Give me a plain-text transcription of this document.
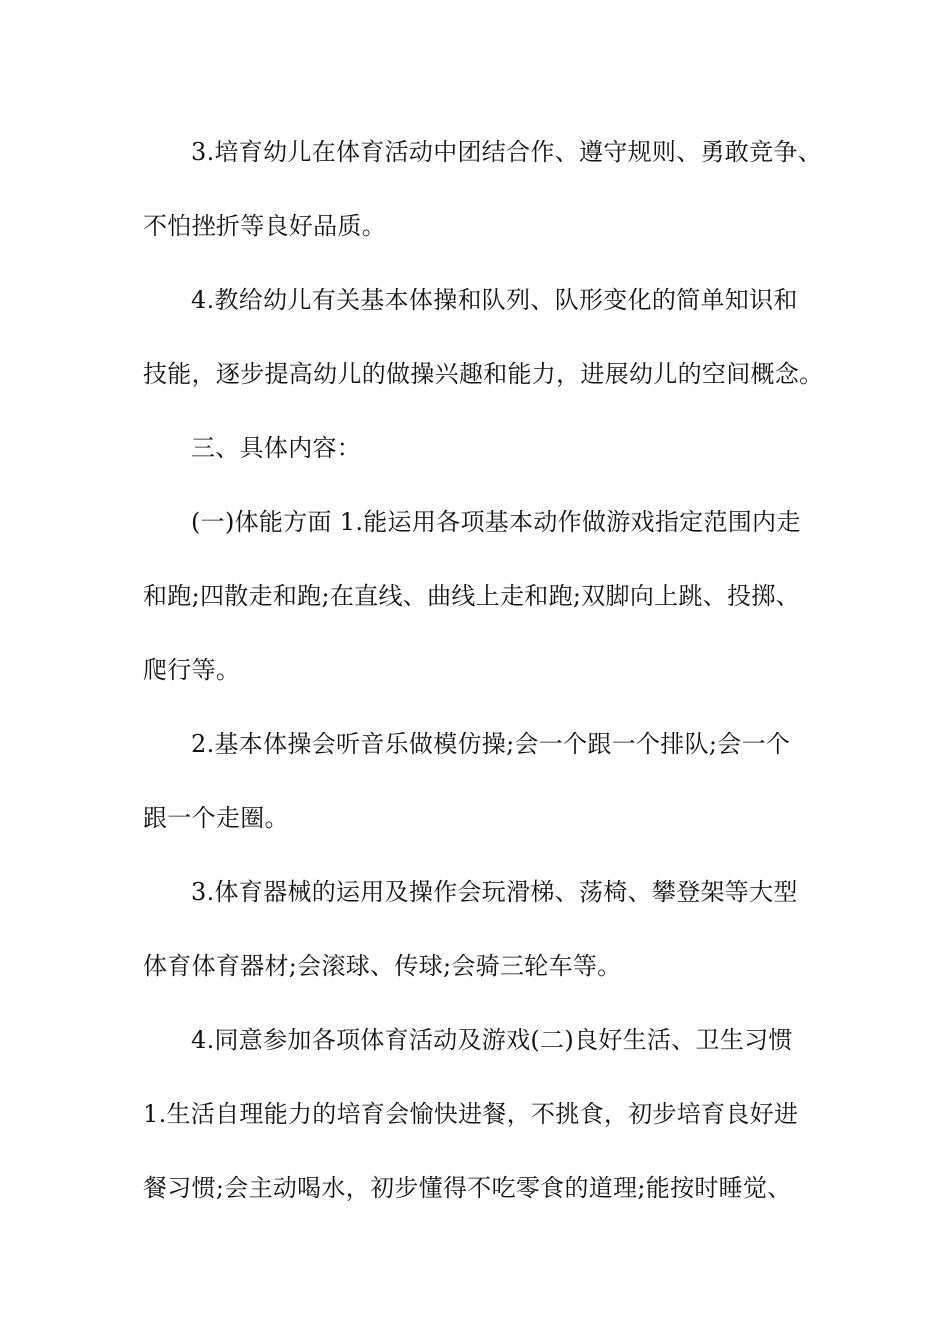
3.培育幼儿在体育活动中团结合作、遵守规则、勇敢竞争、
不怕挫折等良好品质。
4.教给幼儿有关基本体操和队列、队形变化的简单知识和
技能，逐步提高幼儿的做操兴趣和能力，进展幼儿的空间概念。
三、具体内容：
(一)体能方面 1.能运用各项基本动作做游戏指定范围内走
和跑;四散走和跑;在直线、曲线上走和跑;双脚向上跳、投掷、
爬行等。
2.基本体操会听音乐做模仿操;会一个跟一个排队;会一个
跟一个走圈。
3.体育器械的运用及操作会玩滑梯、荡椅、攀登架等大型
体育体育器材;会滚球、传球;会骑三轮车等。
4.同意参加各项体育活动及游戏(二)良好生活、卫生习惯
1.生活自理能力的培育会愉快进餐，不挑食，初步培育良好进
餐习惯;会主动喝水，初步懂得不吃零食的道理;能按时睡觉、
